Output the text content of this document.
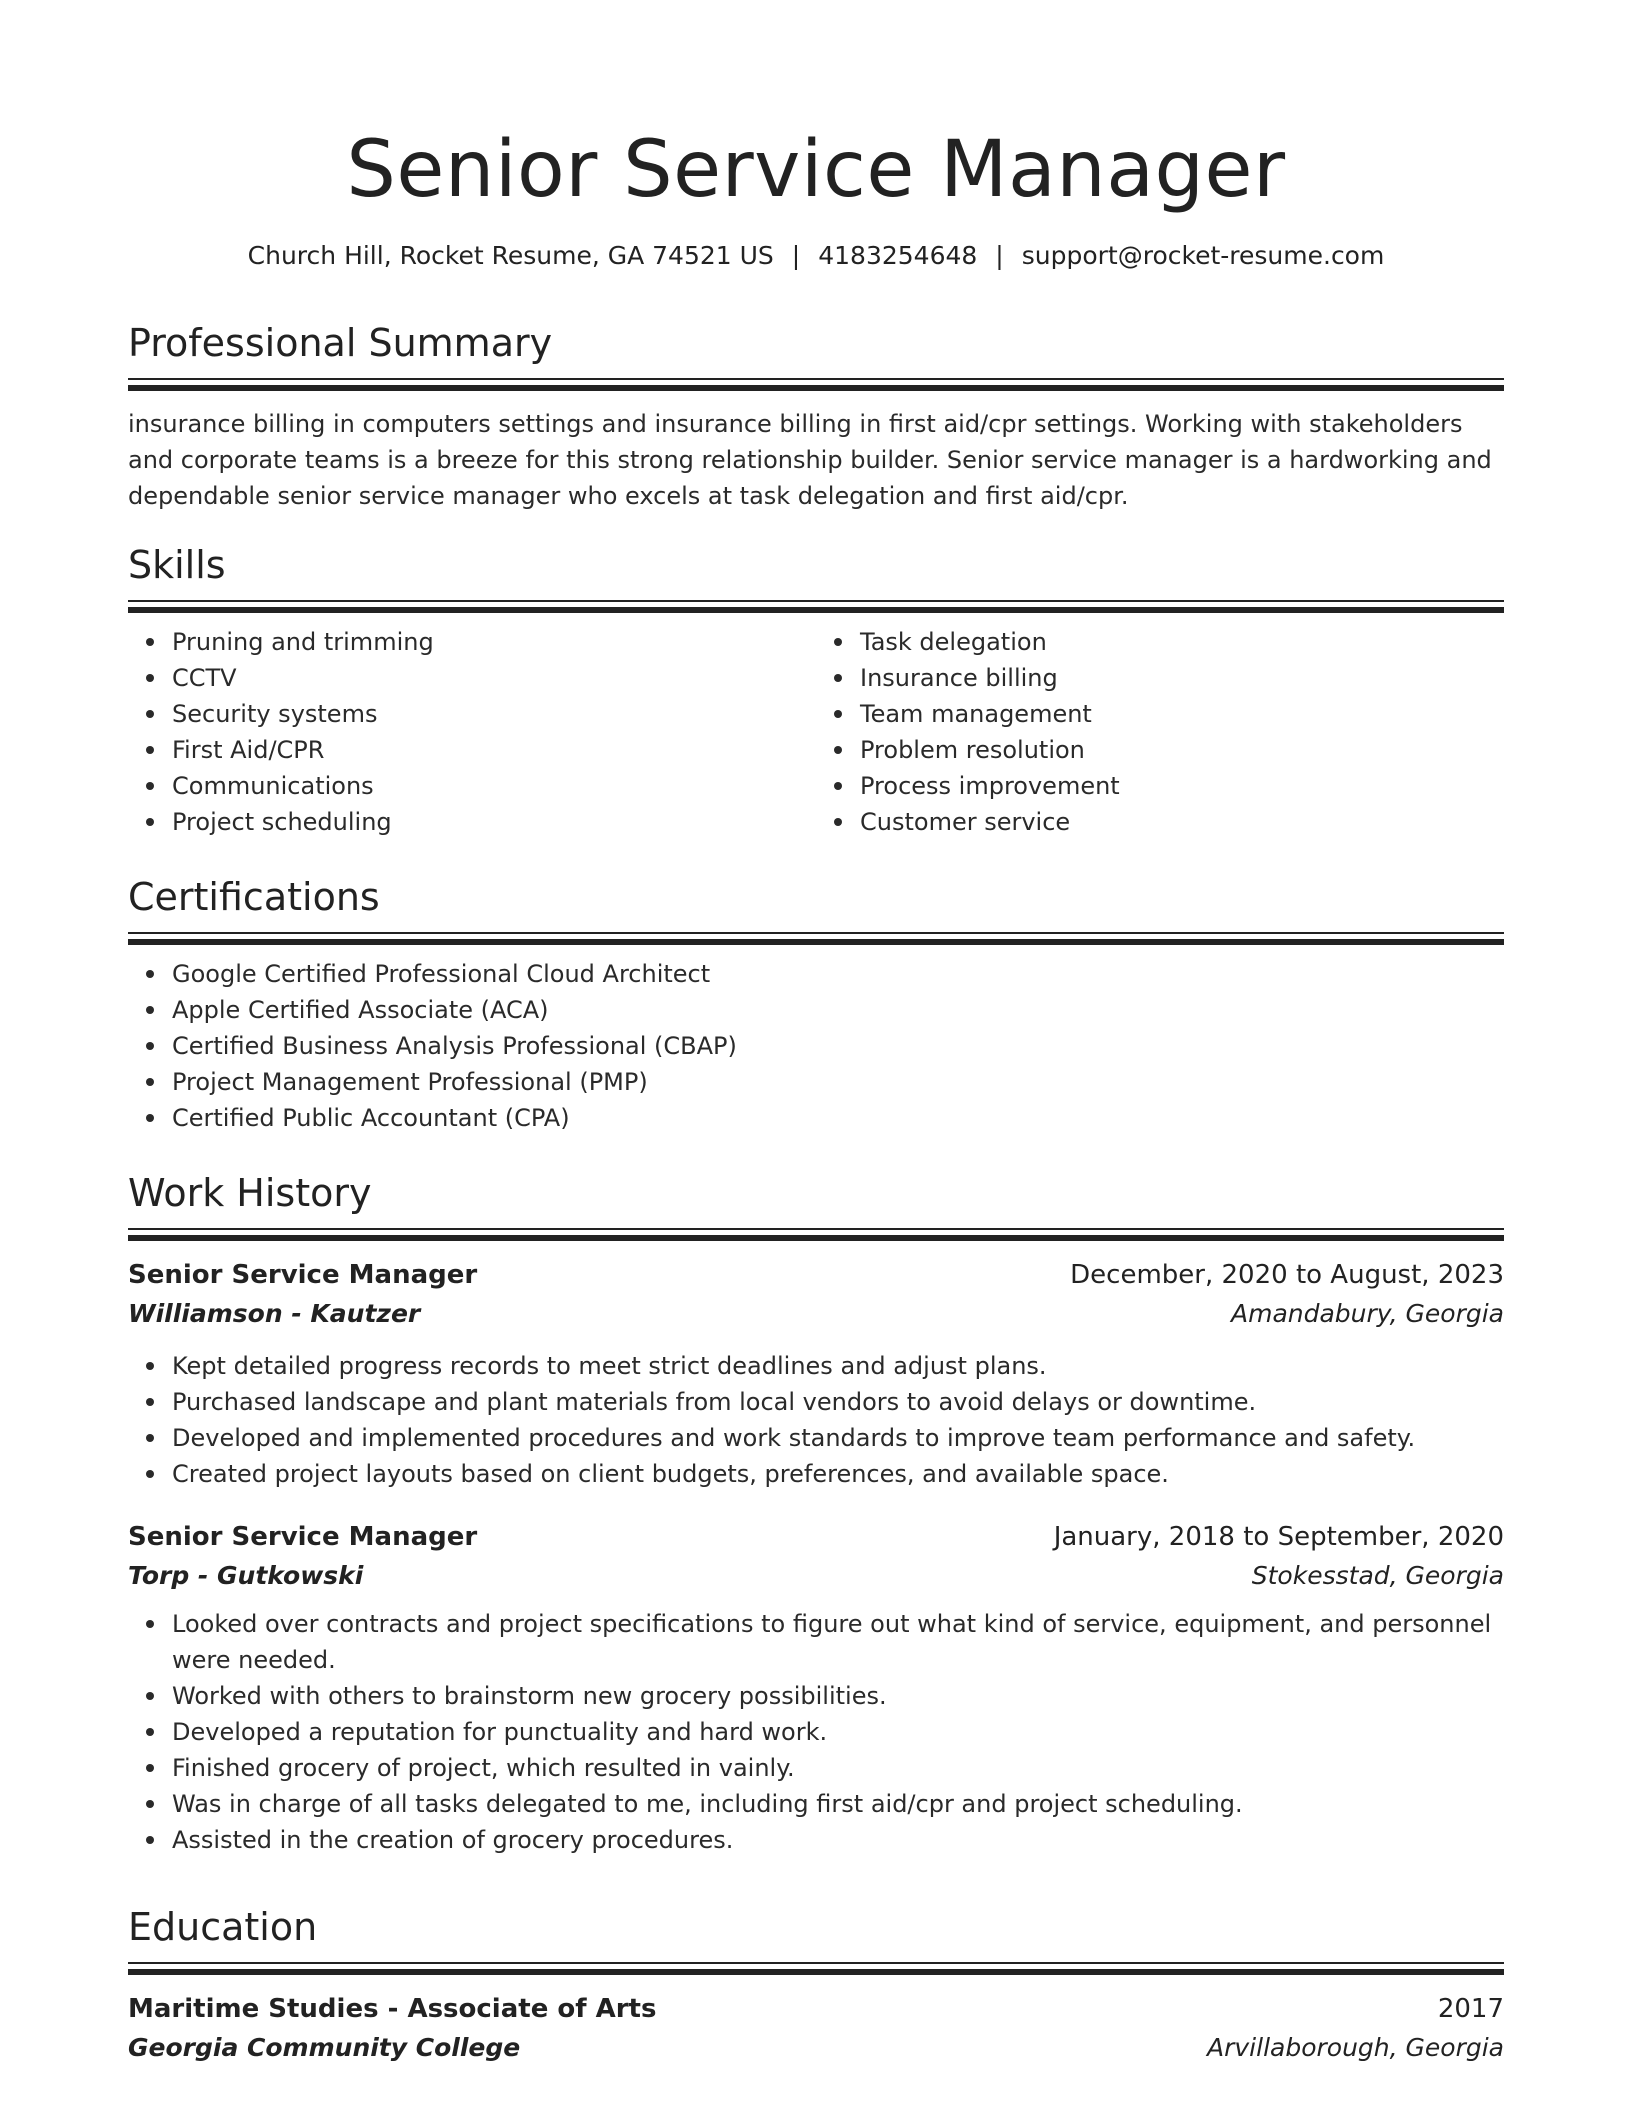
Senior Service Manager
Church Hill, Rocket Resume, GA 74521 US | 4183254648 | support@rocket-resume.com
Professional Summary

insurance billing in computers settings and insurance billing in first aid/cpr settings. Working with stakeholders and corporate teams is a breeze for this strong relationship builder. Senior service manager is a hardworking and dependable senior service manager who excels at task delegation and first aid/cpr.

Skills
Pruning and trimming
CCTV
Security systems
First Aid/CPR
Communications
Project scheduling
Task delegation
Insurance billing
Team management
Problem resolution
Process improvement
Customer service
Certifications
Google Certified Professional Cloud Architect
Apple Certified Associate (ACA)
Certified Business Analysis Professional (CBAP)
Project Management Professional (PMP)
Certified Public Accountant (CPA)
Work History
Senior Service Manager	December, 2020 to August, 2023
Williamson - Kautzer	Amandabury, Georgia
Kept detailed progress records to meet strict deadlines and adjust plans.
Purchased landscape and plant materials from local vendors to avoid delays or downtime.
Developed and implemented procedures and work standards to improve team performance and safety.
Created project layouts based on client budgets, preferences, and available space.
Senior Service Manager	January, 2018 to September, 2020
Torp - Gutkowski	Stokesstad, Georgia
Looked over contracts and project specifications to figure out what kind of service, equipment, and personnel were needed.
Worked with others to brainstorm new grocery possibilities.
Developed a reputation for punctuality and hard work.
Finished grocery of project, which resulted in vainly.
Was in charge of all tasks delegated to me, including first aid/cpr and project scheduling.
Assisted in the creation of grocery procedures.
Education
Maritime Studies - Associate of Arts	2017
Georgia Community College	Arvillaborough, Georgia
